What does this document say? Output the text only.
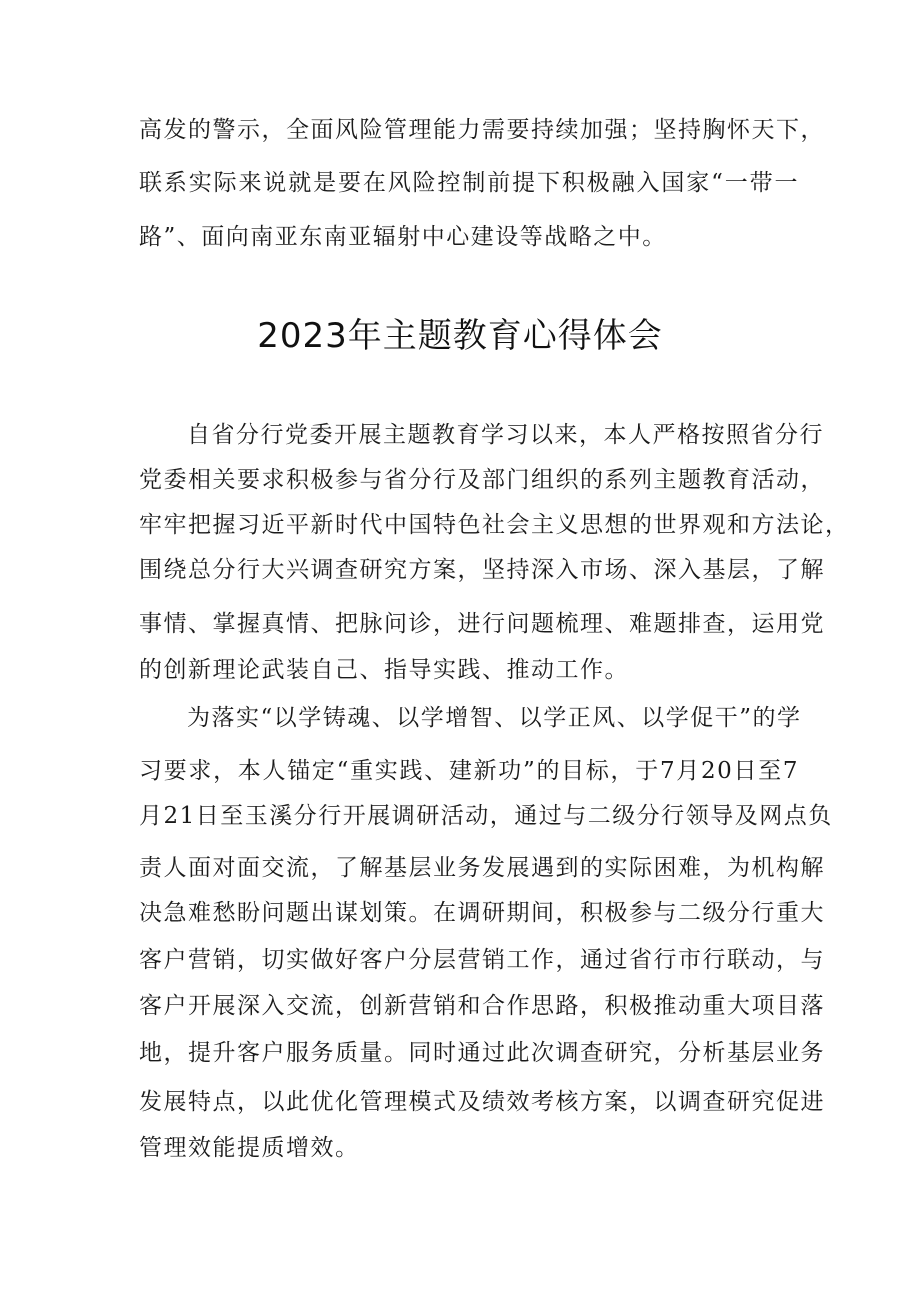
高发的警示，全面风险管理能力需要持续加强；坚持胸怀天下，
联系实际来说就是要在风险控制前提下积极融入国家“一带一
路”、面向南亚东南亚辐射中心建设等战略之中。
2023年主题教育心得体会
自省分行党委开展主题教育学习以来，本人严格按照省分行
党委相关要求积极参与省分行及部门组织的系列主题教育活动，
牢牢把握习近平新时代中国特色社会主义思想的世界观和方法论，
围绕总分行大兴调查研究方案，坚持深入市场、深入基层，了解
事情、掌握真情、把脉问诊，进行问题梳理、难题排查，运用党
的创新理论武装自己、指导实践、推动工作。
为落实“以学铸魂、以学增智、以学正风、以学促干”的学
习要求，本人锚定“重实践、建新功”的目标，于7月20日至7
月21日至玉溪分行开展调研活动，通过与二级分行领导及网点负
责人面对面交流，了解基层业务发展遇到的实际困难，为机构解
决急难愁盼问题出谋划策。在调研期间，积极参与二级分行重大
客户营销，切实做好客户分层营销工作，通过省行市行联动，与
客户开展深入交流，创新营销和合作思路，积极推动重大项目落
地，提升客户服务质量。同时通过此次调查研究，分析基层业务
发展特点，以此优化管理模式及绩效考核方案，以调查研究促进
管理效能提质增效。
